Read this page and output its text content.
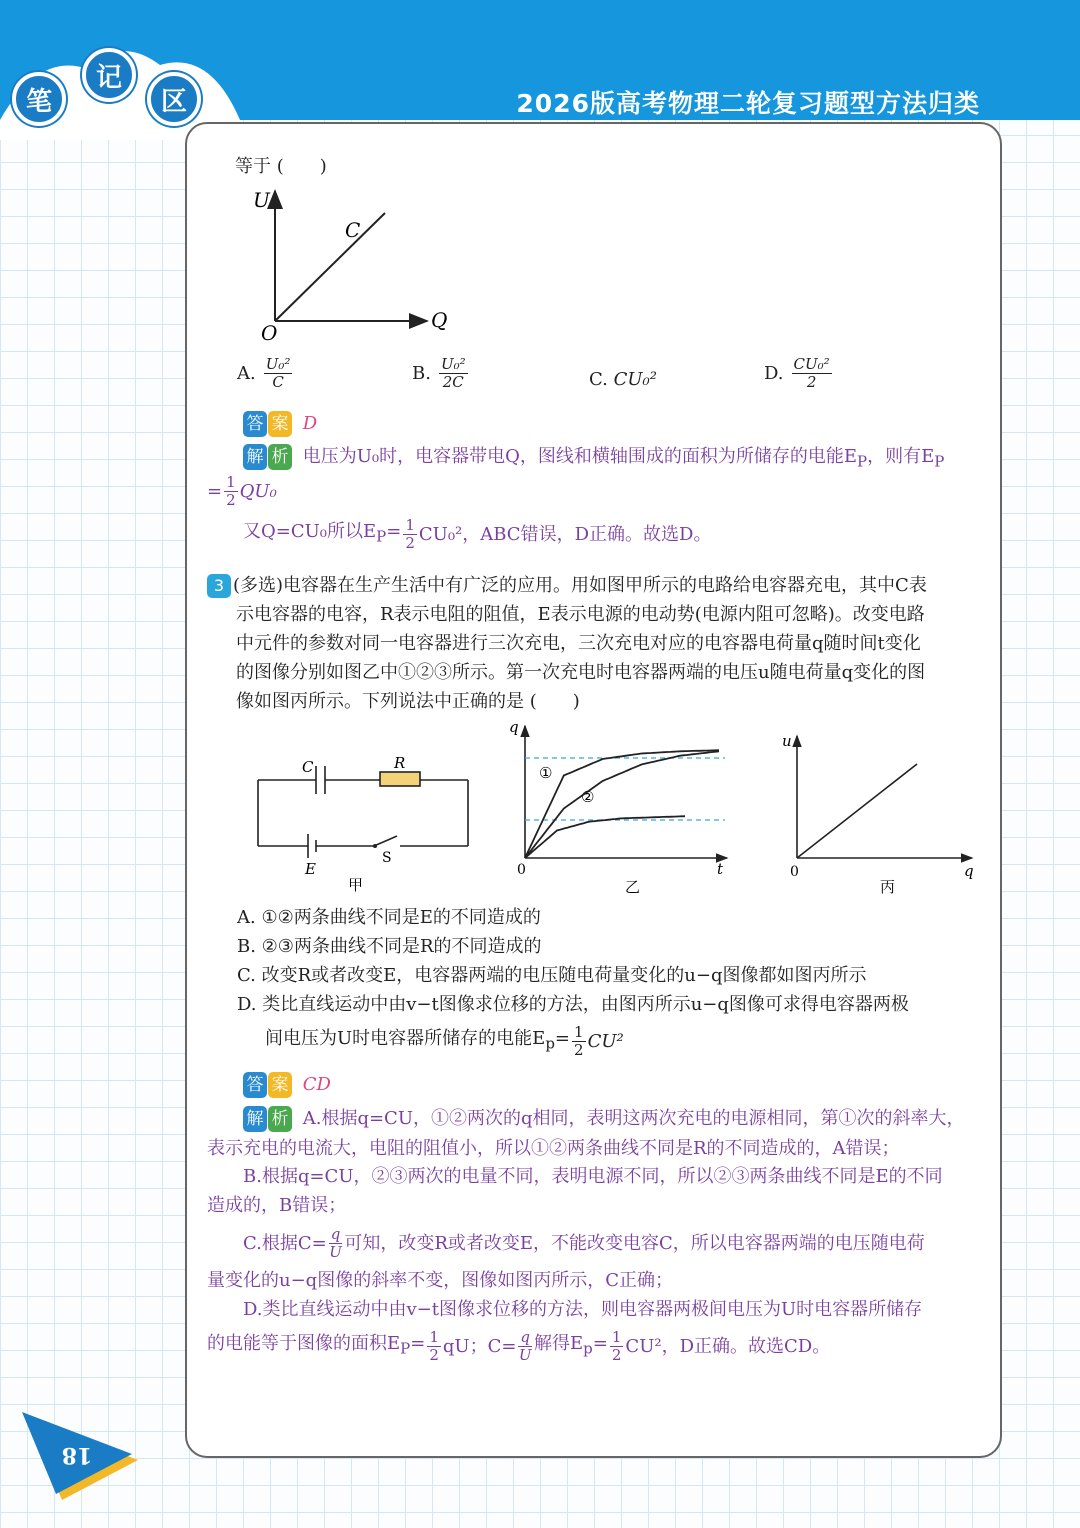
笔
记
区	2026版高考物理二轮复习题型方法归类
等于 (　　)
U
Q
O
C
A. $\frac{\text{U₀²}}{C}$	B. $\frac{\text{U₀²}}{2C}$	C. CU₀²	D. $\frac{\text{CU₀²}}{2}$
答 案 D
解 析 电压为U₀时，电容器带电Q，图线和横轴围成的面积为所储存的电能$E_P$，则有$E_P$
= $\frac{1}{2} QU_0$
又Q=CU₀所以$E_P= \frac{1}{2} CU_0^2$，ABC错误，D正确。故选D。
3 (多选)电容器在生产生活中有广泛的应用。用如图甲所示的电路给电容器充电，其中C表
示电容器的电容，R表示电阻的阻值，E表示电源的电动势(电源内阻可忽略)。改变电路
中元件的参数对同一电容器进行三次充电，三次充电对应的电容器电荷量q随时间t变化
的图像分别如图乙中①②③所示。第一次充电时电容器两端的电压u随电荷量q变化的图
像如图丙所示。下列说法中正确的是 (　　)
C	R
E
S
甲
q
t
0
①
②
乙
u
q
0
丙
A. ①②两条曲线不同是E的不同造成的
B. ②③两条曲线不同是R的不同造成的
C. 改变R或者改变E，电容器两端的电压随电荷量变化的u−q图像都如图丙所示
D. 类比直线运动中由v−t图像求位移的方法，由图丙所示u−q图像可求得电容器两极
间电压为U时电容器所储存的电能$E_p= \frac{1}{2} CU^2$
答 案 CD
解 析 A.根据q=CU，①②两次的q相同，表明这两次充电的电源相同，第①次的斜率大，
表示充电的电流大，电阻的阻值小，所以①②两条曲线不同是R的不同造成的，A错误；
B.根据q=CU，②③两次的电量不同，表明电源不同，所以②③两条曲线不同是E的不同
造成的，B错误；
C.根据$C= \frac{q}{U}$ 可知，改变R或者改变E，不能改变电容C，所以电容器两端的电压随电荷
量变化的u−q图像的斜率不变，图像如图丙所示，C正确；
D.类比直线运动中由v−t图像求位移的方法，则电容器两极间电压为U时电容器所储存
的电能等于图像的面积$E_P= \frac{1}{2}$ qU；$C= \frac{q}{U}$ 解得$E_p= \frac{1}{2} CU^2$，D正确。故选CD。
18
